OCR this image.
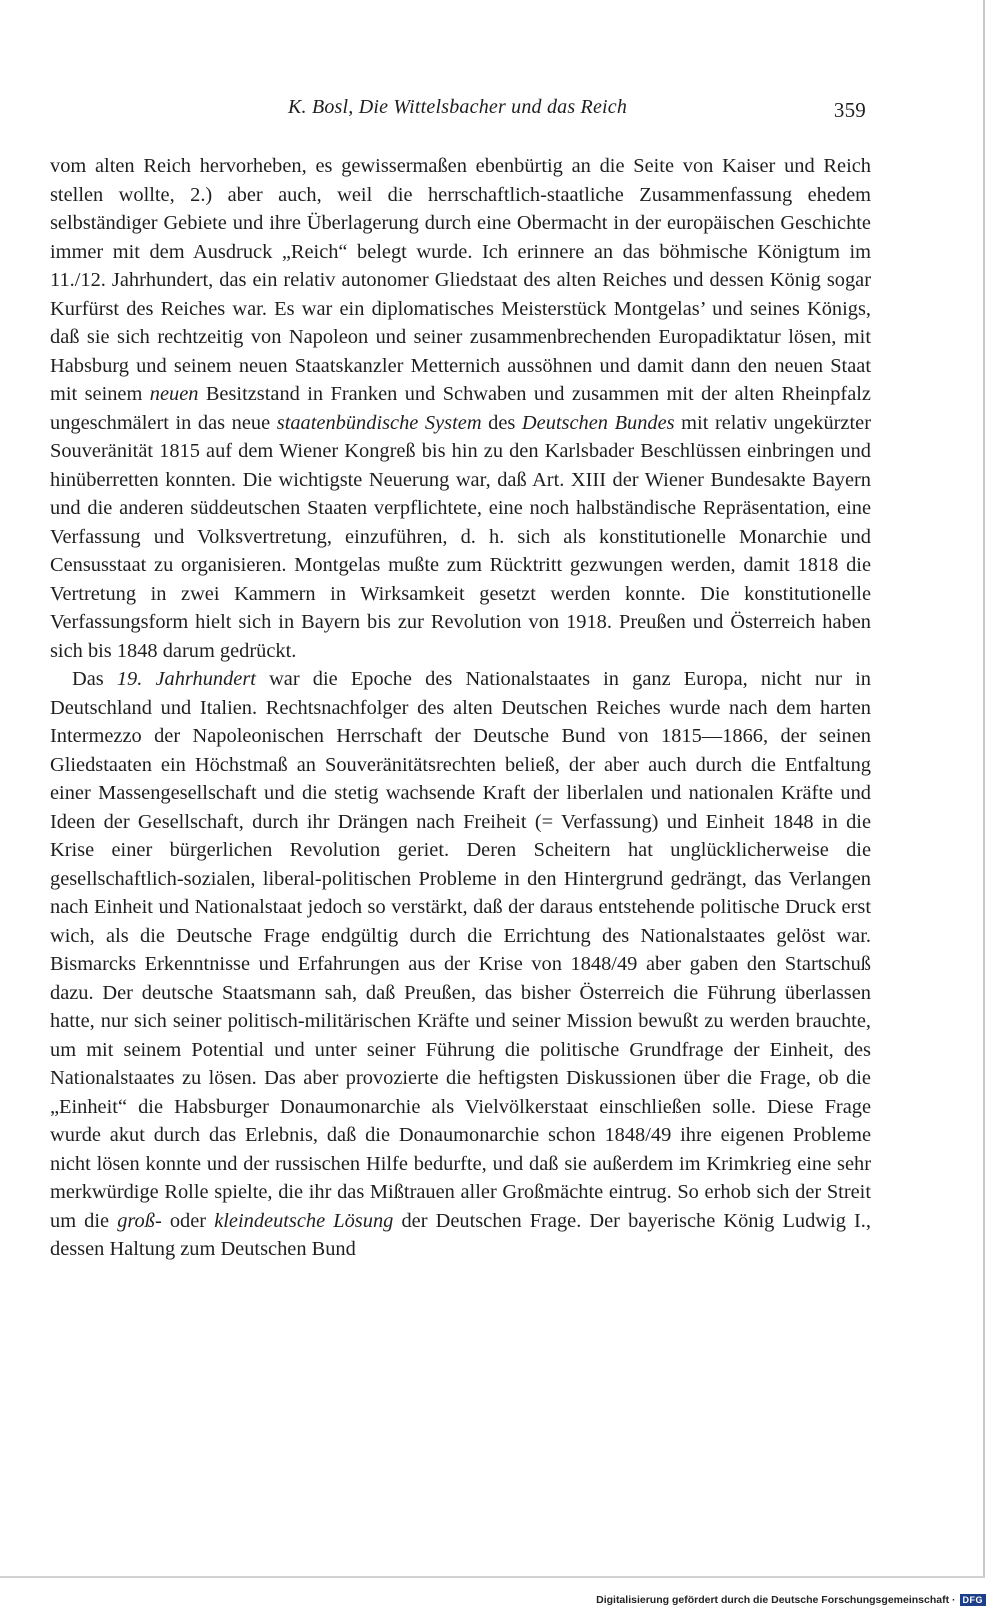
K. Bosl, Die Wittelsbacher und das Reich	359

vom alten Reich hervorheben, es gewissermaßen ebenbürtig an die Seite von Kaiser und Reich stellen wollte, 2.) aber auch, weil die herrschaftlich-staatliche Zusammenfassung ehedem selbständiger Gebiete und ihre Überlagerung durch eine Obermacht in der europäischen Geschichte immer mit dem Ausdruck „Reich“ belegt wurde. Ich erinnere an das böhmische Königtum im 11./12. Jahrhundert, das ein relativ autonomer Gliedstaat des alten Reiches und dessen König sogar Kurfürst des Reiches war. Es war ein diplomatisches Meisterstück Montgelas’ und seines Königs, daß sie sich rechtzeitig von Napoleon und seiner zusammenbrechenden Europadiktatur lösen, mit Habsburg und seinem neuen Staatskanzler Metternich aussöhnen und damit dann den neuen Staat mit seinem neuen Besitzstand in Franken und Schwaben und zusammen mit der alten Rheinpfalz ungeschmälert in das neue staatenbündische System des Deutschen Bundes mit relativ ungekürzter Souveränität 1815 auf dem Wiener Kongreß bis hin zu den Karlsbader Beschlüssen einbringen und hinüberretten konnten. Die wichtigste Neuerung war, daß Art. XIII der Wiener Bundesakte Bayern und die anderen süddeutschen Staaten verpflichtete, eine noch halbständische Repräsentation, eine Verfassung und Volksvertretung, einzuführen, d. h. sich als konstitutionelle Monarchie und Censusstaat zu organisieren. Montgelas mußte zum Rücktritt gezwungen werden, damit 1818 die Vertretung in zwei Kammern in Wirksamkeit gesetzt werden konnte. Die konstitutionelle Verfassungsform hielt sich in Bayern bis zur Revolution von 1918. Preußen und Österreich haben sich bis 1848 darum gedrückt.

Das 19. Jahrhundert war die Epoche des Nationalstaates in ganz Europa, nicht nur in Deutschland und Italien. Rechtsnachfolger des alten Deutschen Reiches wurde nach dem harten Intermezzo der Napoleonischen Herrschaft der Deutsche Bund von 1815—1866, der seinen Gliedstaaten ein Höchstmaß an Souveränitätsrechten beließ, der aber auch durch die Entfaltung einer Massengesellschaft und die stetig wachsende Kraft der liberlalen und nationalen Kräfte und Ideen der Gesellschaft, durch ihr Drängen nach Freiheit (= Verfassung) und Einheit 1848 in die Krise einer bürgerlichen Revolution geriet. Deren Scheitern hat unglücklicherweise die gesellschaftlich-sozialen, liberal-politischen Probleme in den Hintergrund gedrängt, das Verlangen nach Einheit und Nationalstaat jedoch so verstärkt, daß der daraus entstehende politische Druck erst wich, als die Deutsche Frage endgültig durch die Errichtung des Nationalstaates gelöst war. Bismarcks Erkenntnisse und Erfahrungen aus der Krise von 1848/49 aber gaben den Startschuß dazu. Der deutsche Staatsmann sah, daß Preußen, das bisher Österreich die Führung überlassen hatte, nur sich seiner politisch-militärischen Kräfte und seiner Mission bewußt zu werden brauchte, um mit seinem Potential und unter seiner Führung die politische Grundfrage der Einheit, des Nationalstaates zu lösen. Das aber provozierte die heftigsten Diskussionen über die Frage, ob die „Einheit“ die Habsburger Donaumonarchie als Vielvölkerstaat einschließen solle. Diese Frage wurde akut durch das Erlebnis, daß die Donaumonarchie schon 1848/49 ihre eigenen Probleme nicht lösen konnte und der russischen Hilfe bedurfte, und daß sie außerdem im Krimkrieg eine sehr merkwürdige Rolle spielte, die ihr das Mißtrauen aller Großmächte eintrug. So erhob sich der Streit um die groß- oder kleindeutsche Lösung der Deutschen Frage. Der bayerische König Ludwig I., dessen Haltung zum Deutschen Bund

Digitalisierung gefördert durch die Deutsche Forschungsgemeinschaft · DFG
